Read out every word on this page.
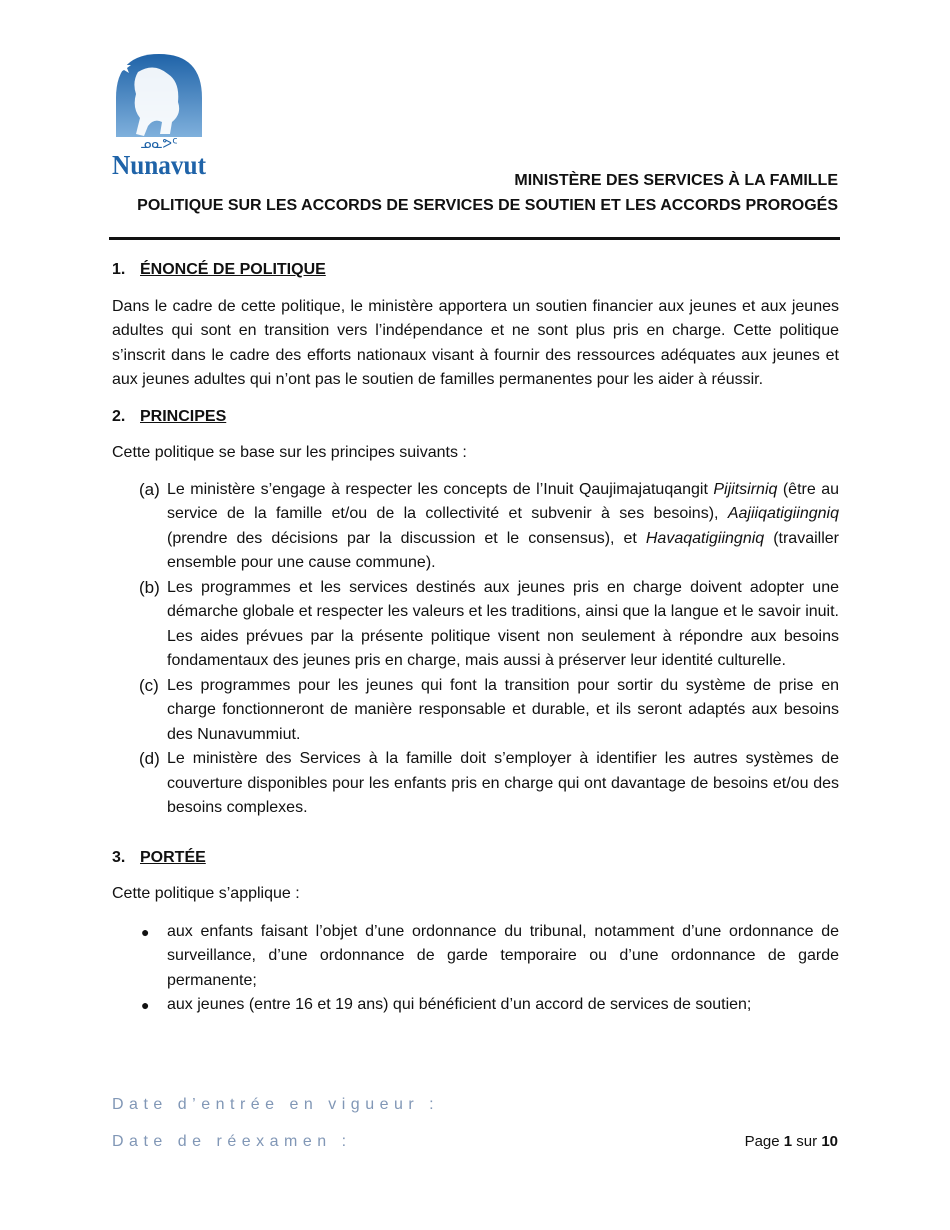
ᓄᓇᕗᑦ
Nunavut
MINISTÈRE DES SERVICES À LA FAMILLE
POLITIQUE SUR LES ACCORDS DE SERVICES DE SOUTIEN ET LES ACCORDS PROROGÉS
1. ÉNONCÉ DE POLITIQUE

Dans le cadre de cette politique, le ministère apportera un soutien financier aux jeunes et aux jeunes adultes qui sont en transition vers l’indépendance et ne sont plus pris en charge. Cette politique s’inscrit dans le cadre des efforts nationaux visant à fournir des ressources adéquates aux jeunes et aux jeunes adultes qui n’ont pas le soutien de familles permanentes pour les aider à réussir.

2. PRINCIPES

Cette politique se base sur les principes suivants :

(a) Le ministère s’engage à respecter les concepts de l’Inuit Qaujimajatuqangit Pijitsirniq (être au service de la famille et/ou de la collectivité et subvenir à ses besoins), Aajiiqatigiingniq (prendre des décisions par la discussion et le consensus), et Havaqatigiingniq (travailler ensemble pour une cause commune).
(b) Les programmes et les services destinés aux jeunes pris en charge doivent adopter une démarche globale et respecter les valeurs et les traditions, ainsi que la langue et le savoir inuit. Les aides prévues par la présente politique visent non seulement à répondre aux besoins fondamentaux des jeunes pris en charge, mais aussi à préserver leur identité culturelle.
(c) Les programmes pour les jeunes qui font la transition pour sortir du système de prise en charge fonctionneront de manière responsable et durable, et ils seront adaptés aux besoins des Nunavummiut.
(d) Le ministère des Services à la famille doit s’employer à identifier les autres systèmes de couverture disponibles pour les enfants pris en charge qui ont davantage de besoins et/ou des besoins complexes.
3. PORTÉE

Cette politique s’applique :

●	aux enfants faisant l’objet d’une ordonnance du tribunal, notamment d’une ordonnance de surveillance, d’une ordonnance de garde temporaire ou d’une ordonnance de garde permanente;
●	aux jeunes (entre 16 et 19 ans) qui bénéficient d’un accord de services de soutien;
Date d’entrée en vigueur :
Date de réexamen :	Page 1 sur 10
